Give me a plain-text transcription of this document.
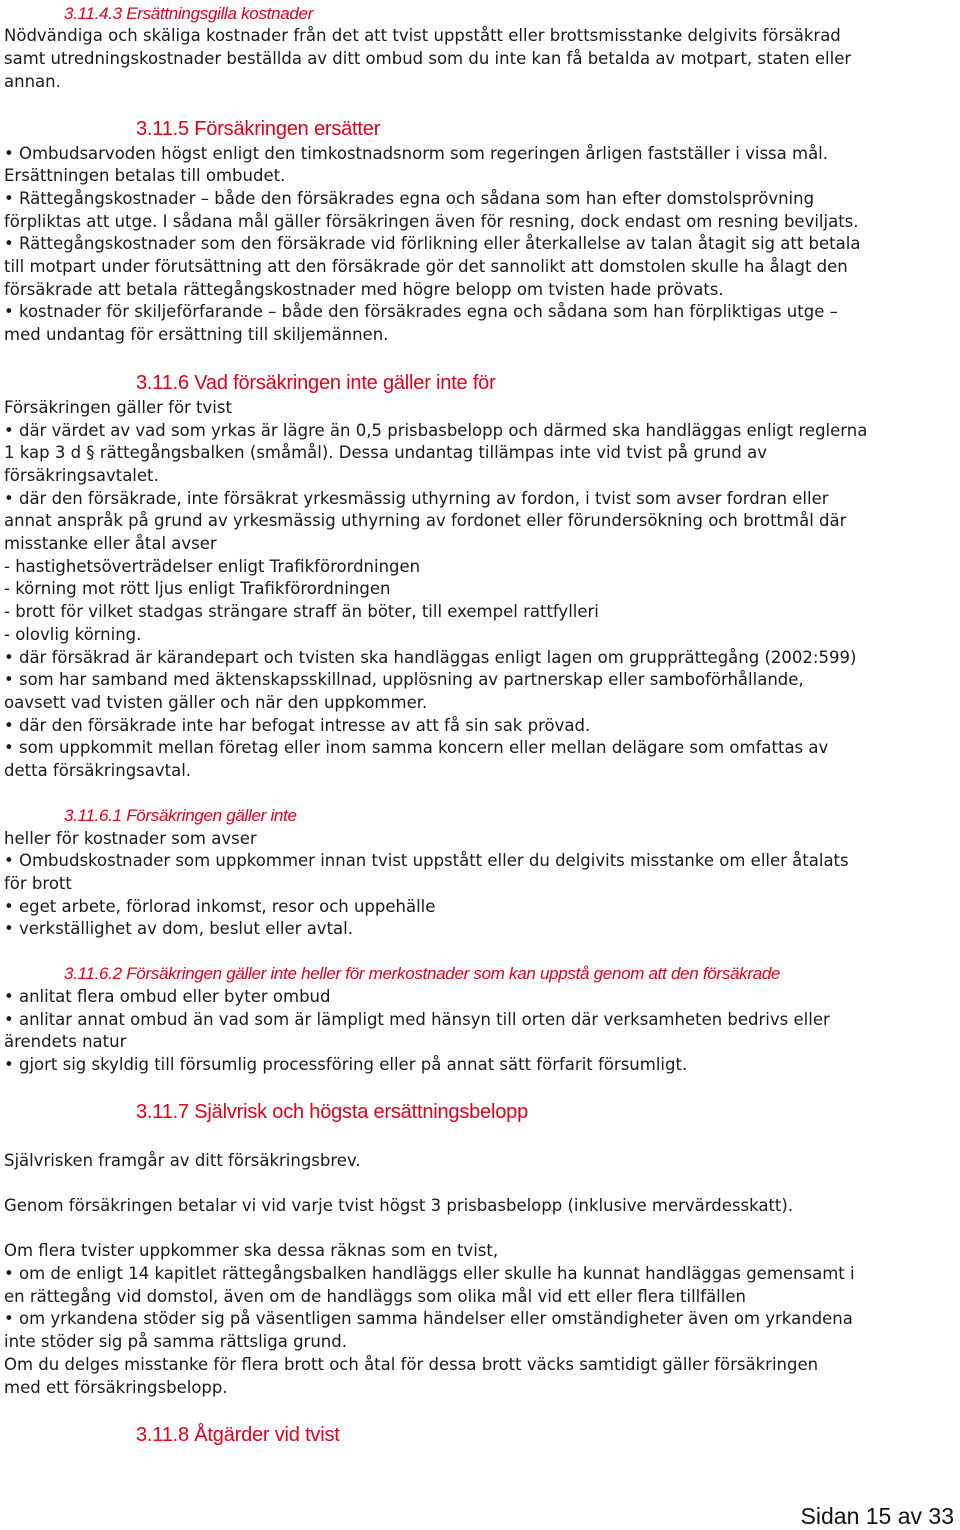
3.11.4.3 Ersättningsgilla kostnader

Nödvändiga och skäliga kostnader från det att tvist uppstått eller brottsmisstanke delgivits försäkrad

samt utredningskostnader beställda av ditt ombud som du inte kan få betalda av motpart, staten eller

annan.

3.11.5 Försäkringen ersätter

• Ombudsarvoden högst enligt den timkostnadsnorm som regeringen årligen fastställer i vissa mål.

Ersättningen betalas till ombudet.

• Rättegångskostnader – både den försäkrades egna och sådana som han efter domstolsprövning

förpliktas att utge. I sådana mål gäller försäkringen även för resning, dock endast om resning beviljats.

• Rättegångskostnader som den försäkrade vid förlikning eller återkallelse av talan åtagit sig att betala

till motpart under förutsättning att den försäkrade gör det sannolikt att domstolen skulle ha ålagt den

försäkrade att betala rättegångskostnader med högre belopp om tvisten hade prövats.

• kostnader för skiljeförfarande – både den försäkrades egna och sådana som han förpliktigas utge –

med undantag för ersättning till skiljemännen.

3.11.6 Vad försäkringen inte gäller inte för

Försäkringen gäller för tvist

• där värdet av vad som yrkas är lägre än 0,5 prisbasbelopp och därmed ska handläggas enligt reglerna

1 kap 3 d § rättegångsbalken (småmål). Dessa undantag tillämpas inte vid tvist på grund av

försäkringsavtalet.

• där den försäkrade, inte försäkrat yrkesmässig uthyrning av fordon, i tvist som avser fordran eller

annat anspråk på grund av yrkesmässig uthyrning av fordonet eller förundersökning och brottmål där

misstanke eller åtal avser

- hastighetsöverträdelser enligt Trafikförordningen

- körning mot rött ljus enligt Trafikförordningen

- brott för vilket stadgas strängare straff än böter, till exempel rattfylleri

- olovlig körning.

• där försäkrad är kärandepart och tvisten ska handläggas enligt lagen om grupprättegång (2002:599)

• som har samband med äktenskapsskillnad, upplösning av partnerskap eller samboförhållande,

oavsett vad tvisten gäller och när den uppkommer.

• där den försäkrade inte har befogat intresse av att få sin sak prövad.

• som uppkommit mellan företag eller inom samma koncern eller mellan delägare som omfattas av

detta försäkringsavtal.

3.11.6.1 Försäkringen gäller inte

heller för kostnader som avser

• Ombudskostnader som uppkommer innan tvist uppstått eller du delgivits misstanke om eller åtalats

för brott

• eget arbete, förlorad inkomst, resor och uppehälle

• verkställighet av dom, beslut eller avtal.

3.11.6.2 Försäkringen gäller inte heller för merkostnader som kan uppstå genom att den försäkrade

• anlitat flera ombud eller byter ombud

• anlitar annat ombud än vad som är lämpligt med hänsyn till orten där verksamheten bedrivs eller

ärendets natur

• gjort sig skyldig till försumlig processföring eller på annat sätt förfarit försumligt.

3.11.7 Självrisk och högsta ersättningsbelopp

Självrisken framgår av ditt försäkringsbrev.

Genom försäkringen betalar vi vid varje tvist högst 3 prisbasbelopp (inklusive mervärdesskatt).

Om flera tvister uppkommer ska dessa räknas som en tvist,

• om de enligt 14 kapitlet rättegångsbalken handläggs eller skulle ha kunnat handläggas gemensamt i

en rättegång vid domstol, även om de handläggs som olika mål vid ett eller flera tillfällen

• om yrkandena stöder sig på väsentligen samma händelser eller omständigheter även om yrkandena

inte stöder sig på samma rättsliga grund.

Om du delges misstanke för flera brott och åtal för dessa brott väcks samtidigt gäller försäkringen

med ett försäkringsbelopp.

3.11.8 Åtgärder vid tvist

Sidan 15 av 33
